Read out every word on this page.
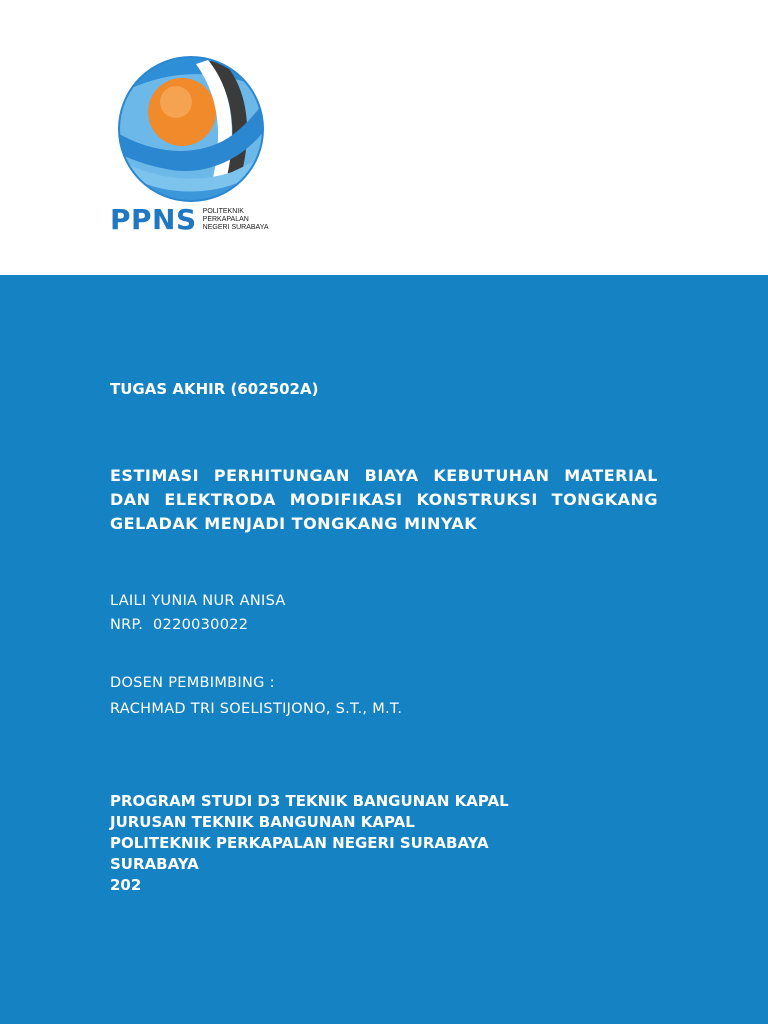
PPNS POLITEKNIK
PERKAPALAN
NEGERI SURABAYA
TUGAS AKHIR (602502A)
ESTIMASI PERHITUNGAN BIAYA KEBUTUHAN MATERIAL
DAN ELEKTRODA MODIFIKASI KONSTRUKSI TONGKANG
GELADAK MENJADI TONGKANG MINYAK
LAILI YUNIA NUR ANISA
NRP.  0220030022
DOSEN PEMBIMBING :
RACHMAD TRI SOELISTIJONO, S.T., M.T.
PROGRAM STUDI D3 TEKNIK BANGUNAN KAPAL
JURUSAN TEKNIK BANGUNAN KAPAL
POLITEKNIK PERKAPALAN NEGERI SURABAYA
SURABAYA
202
